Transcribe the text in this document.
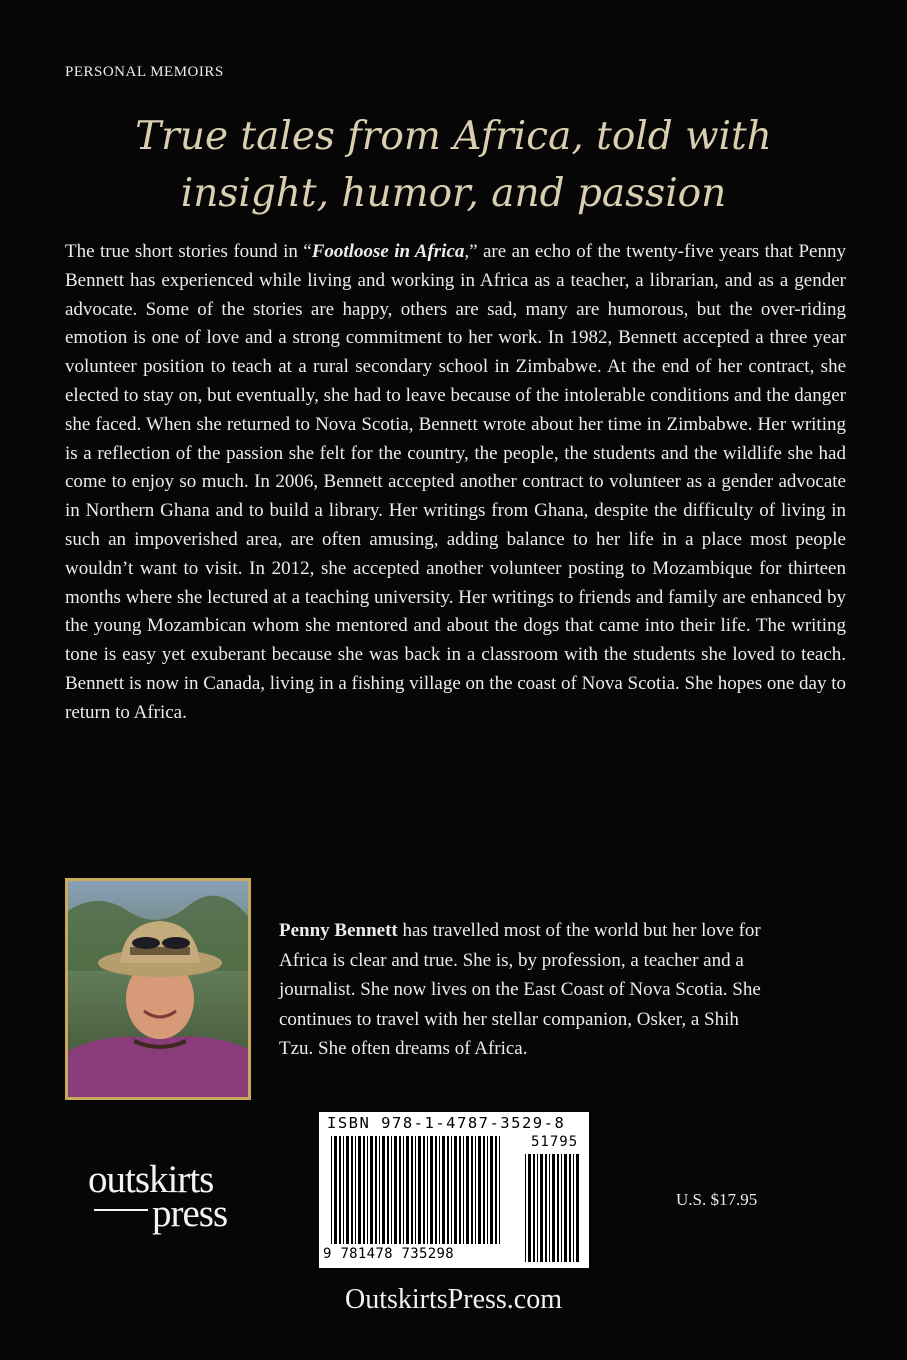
PERSONAL MEMOIRS
True tales from Africa, told with
insight, humor, and passion
The true short stories found in “Footloose in Africa,” are an echo of the twenty-five years that Penny Bennett has experienced while living and working in Africa as a teacher, a librarian, and as a gender advocate. Some of the stories are happy, others are sad, many are humorous, but the over-riding emotion is one of love and a strong commitment to her work. In 1982, Bennett accepted a three year volunteer position to teach at a rural secondary school in Zimbabwe. At the end of her contract, she elected to stay on, but eventually, she had to leave because of the intolerable conditions and the danger she faced. When she returned to Nova Scotia, Bennett wrote about her time in Zimbabwe. Her writing is a reflection of the passion she felt for the country, the people, the students and the wildlife she had come to enjoy so much. In 2006, Bennett accepted another contract to volunteer as a gender advocate in Northern Ghana and to build a library. Her writings from Ghana, despite the difficulty of living in such an impoverished area, are often amusing, adding balance to her life in a place most people wouldn’t want to visit. In 2012, she accepted another volunteer posting to Mozambique for thirteen months where she lectured at a teaching university. Her writings to friends and family are enhanced by the young Mozambican whom she mentored and about the dogs that came into their life. The writing tone is easy yet exuberant because she was back in a classroom with the students she loved to teach. Bennett is now in Canada, living in a fishing village on the coast of Nova Scotia. She hopes one day to return to Africa.
Penny Bennett has travelled most of the world but her love for Africa is clear and true. She is, by profession, a teacher and a journalist. She now lives on the East Coast of Nova Scotia. She continues to travel with her stellar companion, Osker, a Shih Tzu. She often dreams of Africa.
ISBN 978-1-4787-3529-8
51795
9 781478 735298
outskirts
press	U.S. $17.95
OutskirtsPress.com
